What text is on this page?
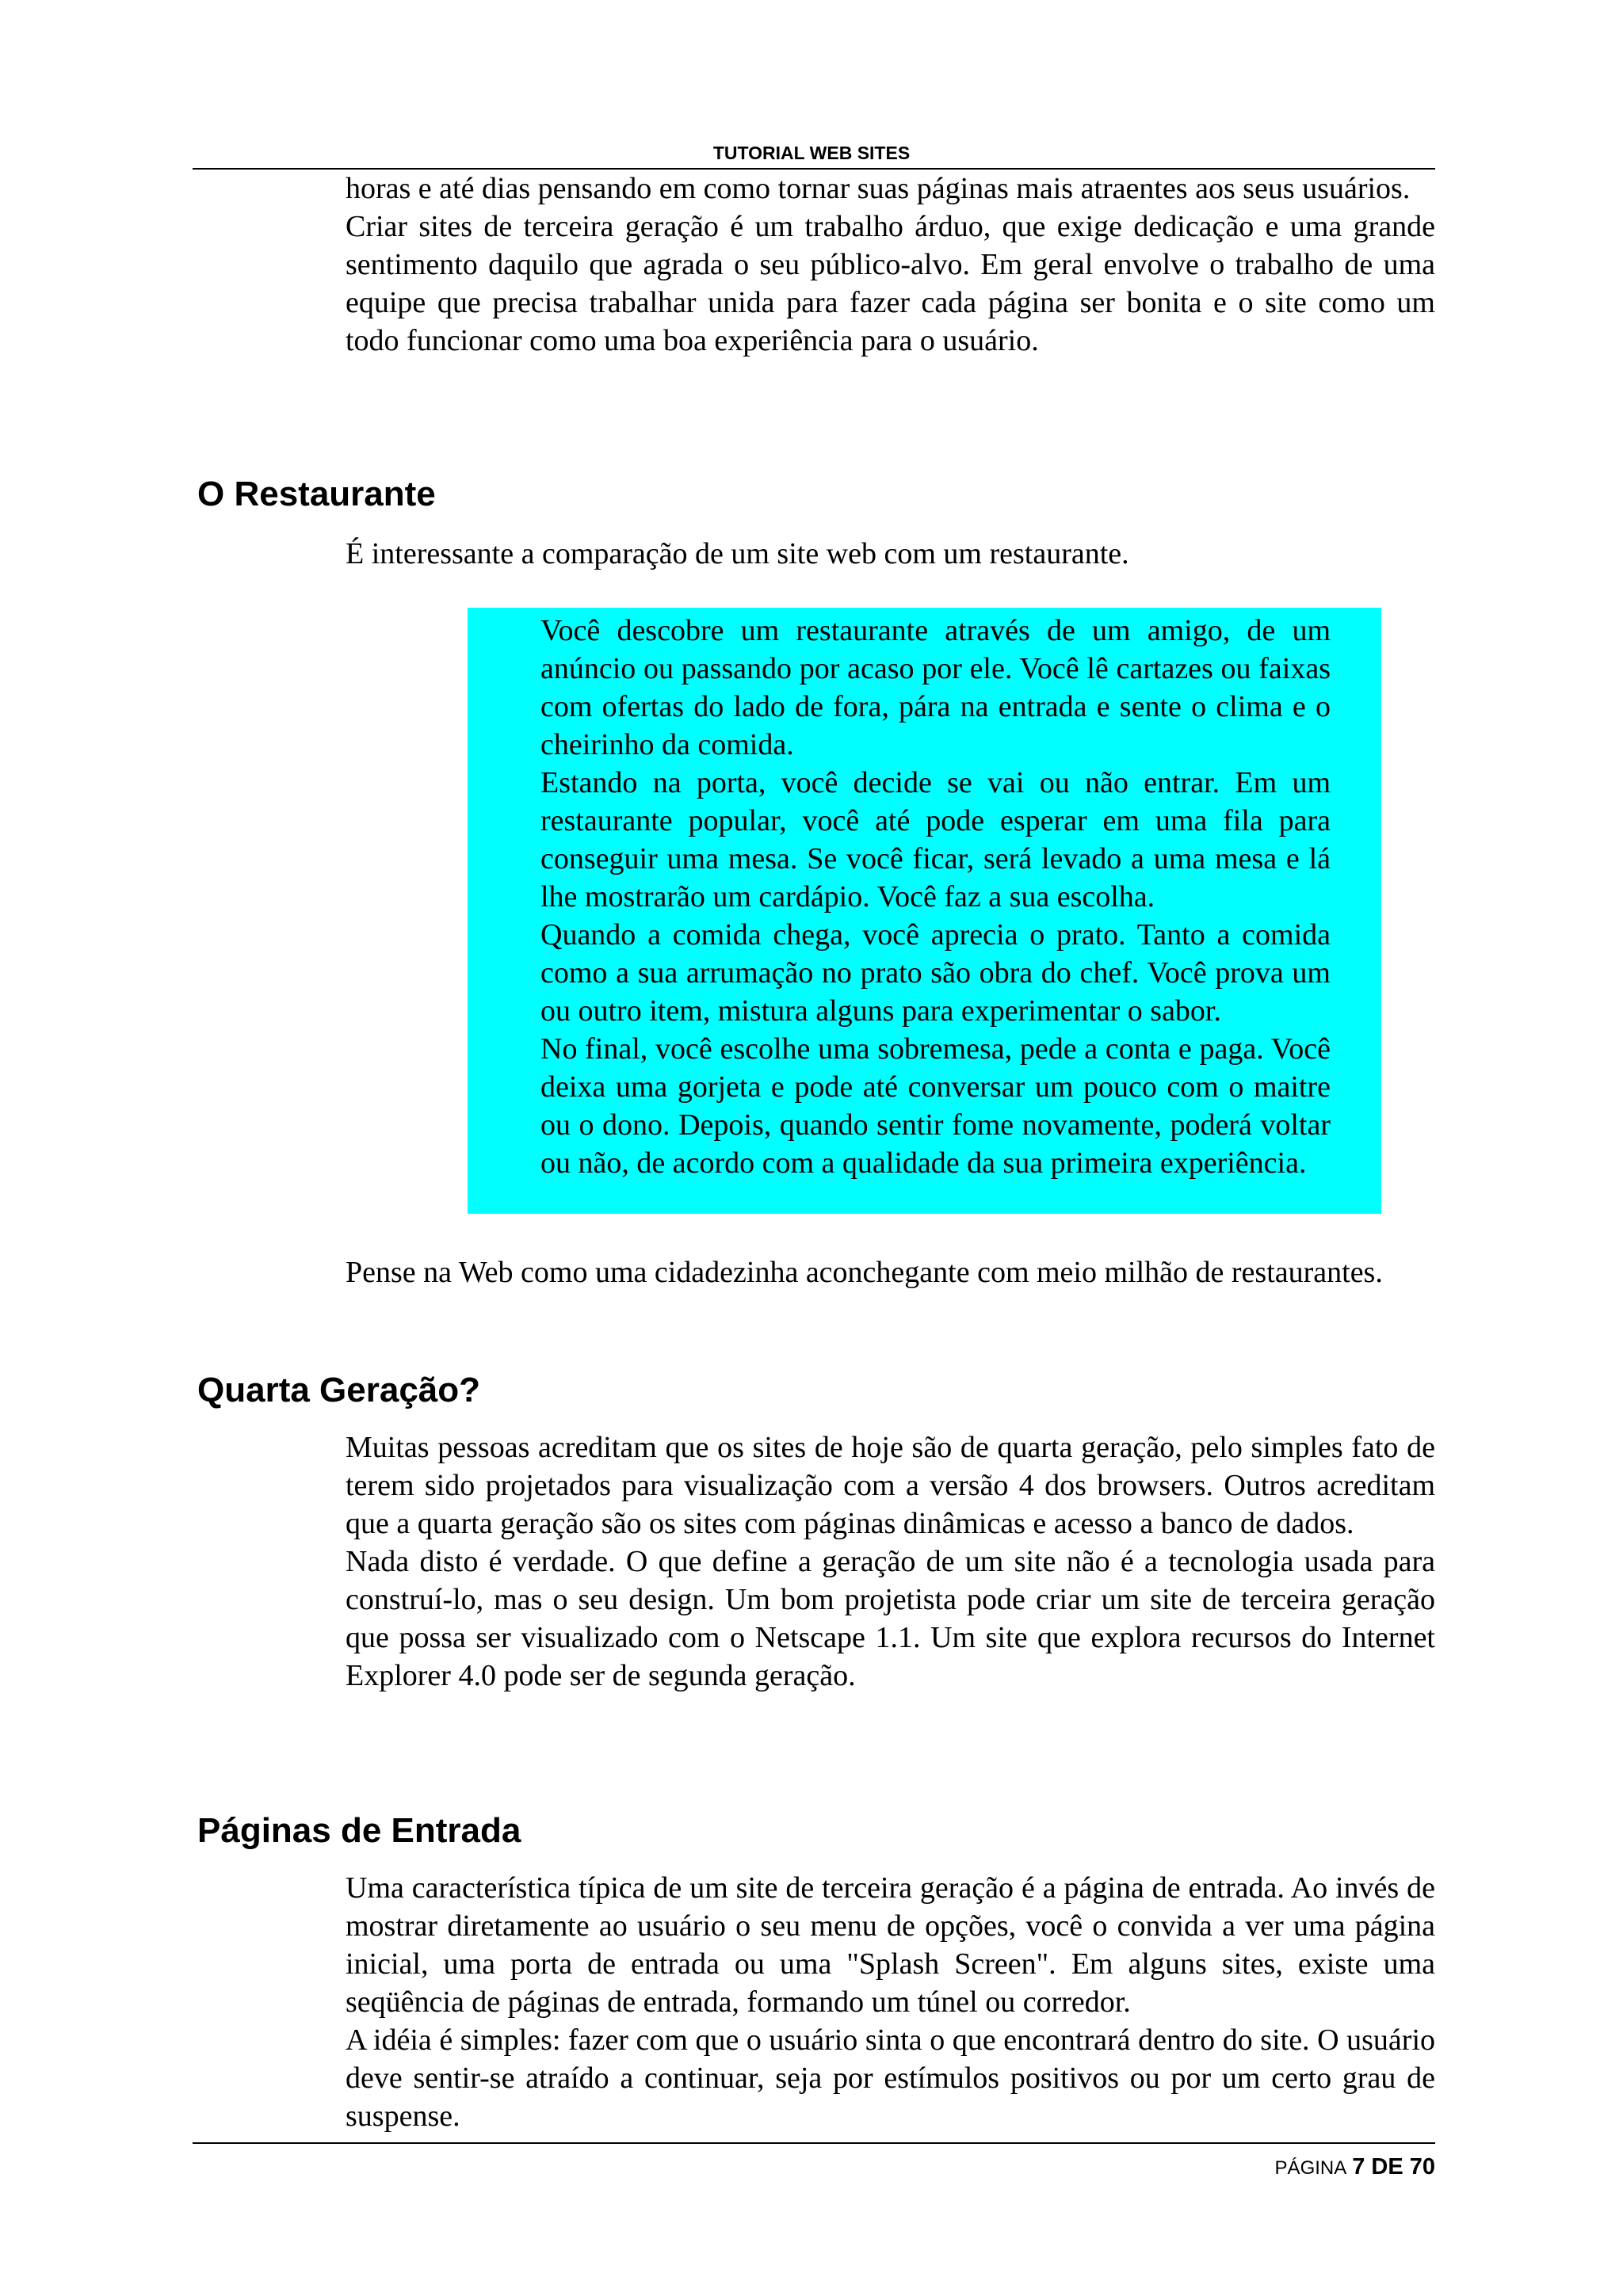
TUTORIAL WEB SITES

horas e até dias pensando em como tornar suas páginas mais atraentes aos seus usuários.

Criar sites de terceira geração é um trabalho árduo, que exige dedicação e uma grande sentimento daquilo que agrada o seu público-alvo. Em geral envolve o trabalho de uma equipe que precisa trabalhar unida para fazer cada página ser bonita e o site como um todo funcionar como uma boa experiência para o usuário.

O Restaurante

É interessante a comparação de um site web com um restaurante.

Você descobre um restaurante através de um amigo, de um anúncio ou passando por acaso por ele. Você lê cartazes ou faixas com ofertas do lado de fora, pára na entrada e sente o clima e o cheirinho da comida.

Estando na porta, você decide se vai ou não entrar. Em um restaurante popular, você até pode esperar em uma fila para conseguir uma mesa. Se você ficar, será levado a uma mesa e lá lhe mostrarão um cardápio. Você faz a sua escolha.

Quando a comida chega, você aprecia o prato. Tanto a comida como a sua arrumação no prato são obra do chef. Você prova um ou outro item, mistura alguns para experimentar o sabor.

No final, você escolhe uma sobremesa, pede a conta e paga. Você deixa uma gorjeta e pode até conversar um pouco com o maitre ou o dono. Depois, quando sentir fome novamente, poderá voltar ou não, de acordo com a qualidade da sua primeira experiência.

Pense na Web como uma cidadezinha aconchegante com meio milhão de restaurantes.

Quarta Geração?

Muitas pessoas acreditam que os sites de hoje são de quarta geração, pelo simples fato de terem sido projetados para visualização com a versão 4 dos browsers. Outros acreditam que a quarta geração são os sites com páginas dinâmicas e acesso a banco de dados.

Nada disto é verdade. O que define a geração de um site não é a tecnologia usada para construí-lo, mas o seu design. Um bom projetista pode criar um site de terceira geração que possa ser visualizado com o Netscape 1.1. Um site que explora recursos do Internet Explorer 4.0 pode ser de segunda geração.

Páginas de Entrada

Uma característica típica de um site de terceira geração é a página de entrada. Ao invés de mostrar diretamente ao usuário o seu menu de opções, você o convida a ver uma página inicial, uma porta de entrada ou uma "Splash Screen". Em alguns sites, existe uma seqüência de páginas de entrada, formando um túnel ou corredor.

A idéia é simples: fazer com que o usuário sinta o que encontrará dentro do site. O usuário deve sentir-se atraído a continuar, seja por estímulos positivos ou por um certo grau de suspense.

PÁGINA 7 DE 70
